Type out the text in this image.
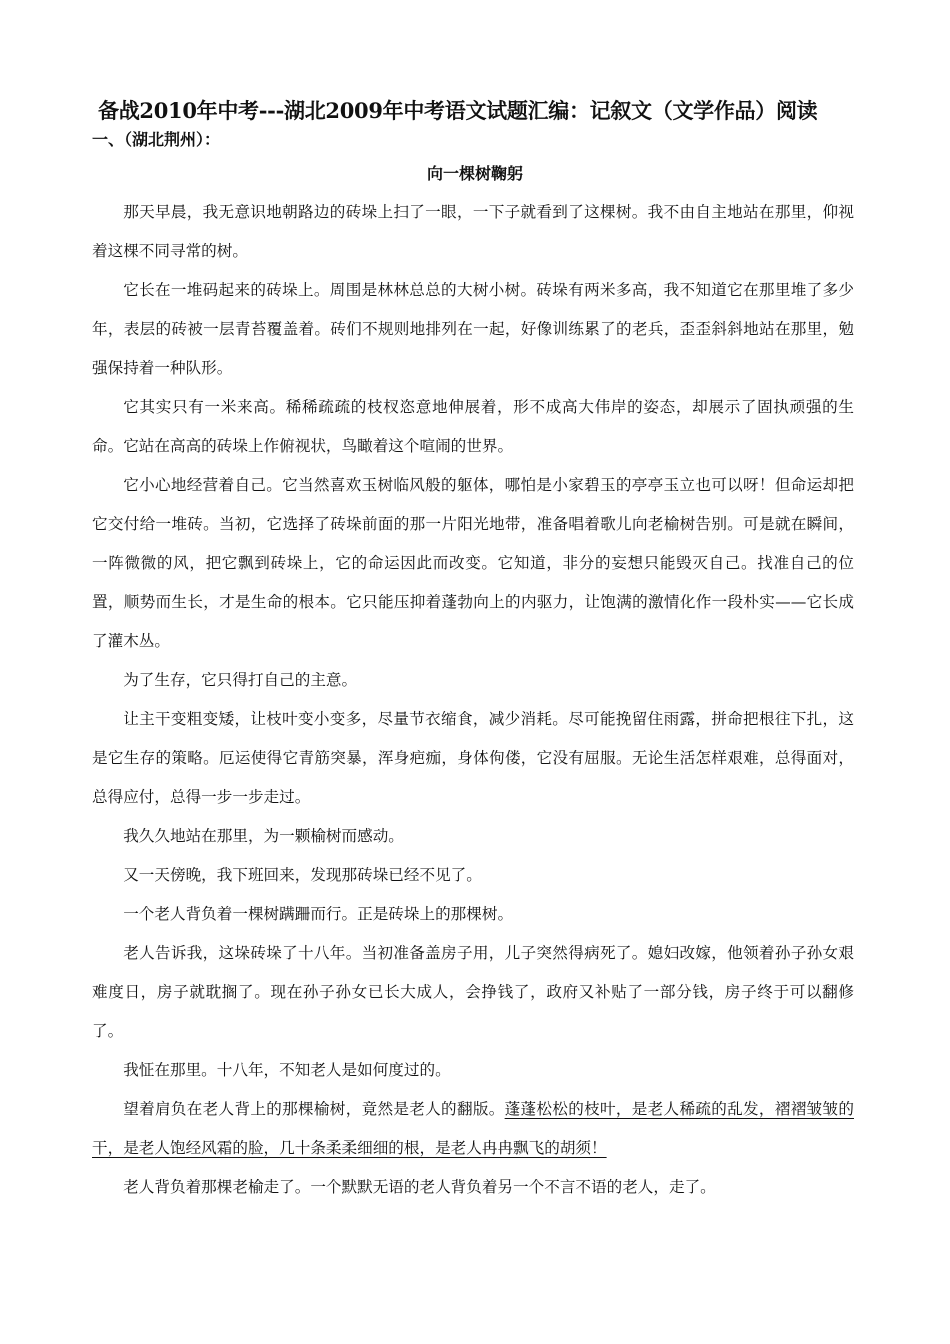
备战2010年中考---湖北2009年中考语文试题汇编：记叙文（文学作品）阅读
一、（湖北荆州）：
向一棵树鞠躬

那天早晨，我无意识地朝路边的砖垛上扫了一眼，一下子就看到了这棵树。我不由自主地站在那里，仰视着这棵不同寻常的树。

它长在一堆码起来的砖垛上。周围是林林总总的大树小树。砖垛有两米多高，我不知道它在那里堆了多少年，表层的砖被一层青苔覆盖着。砖们不规则地排列在一起，好像训练累了的老兵，歪歪斜斜地站在那里，勉强保持着一种队形。

它其实只有一米来高。稀稀疏疏的枝杈恣意地伸展着，形不成高大伟岸的姿态，却展示了固执顽强的生命。它站在高高的砖垛上作俯视状，鸟瞰着这个喧闹的世界。

它小心地经营着自己。它当然喜欢玉树临风般的躯体，哪怕是小家碧玉的亭亭玉立也可以呀！但命运却把它交付给一堆砖。当初，它选择了砖垛前面的那一片阳光地带，准备唱着歌儿向老榆树告别。可是就在瞬间，一阵微微的风，把它飘到砖垛上，它的命运因此而改变。它知道，非分的妄想只能毁灭自己。找准自己的位置，顺势而生长，才是生命的根本。它只能压抑着蓬勃向上的内驱力，让饱满的激情化作一段朴实——它长成了灌木丛。

为了生存，它只得打自己的主意。

让主干变粗变矮，让枝叶变小变多，尽量节衣缩食，减少消耗。尽可能挽留住雨露，拼命把根往下扎，这是它生存的策略。厄运使得它青筋突暴，浑身疤痂，身体佝偻，它没有屈服。无论生活怎样艰难，总得面对，总得应付，总得一步一步走过。

我久久地站在那里，为一颗榆树而感动。

又一天傍晚，我下班回来，发现那砖垛已经不见了。

一个老人背负着一棵树蹒跚而行。正是砖垛上的那棵树。

老人告诉我，这垛砖垛了十八年。当初准备盖房子用，儿子突然得病死了。媳妇改嫁，他领着孙子孙女艰难度日，房子就耽搁了。现在孙子孙女已长大成人，会挣钱了，政府又补贴了一部分钱，房子终于可以翻修了。

我怔在那里。十八年，不知老人是如何度过的。

望着肩负在老人背上的那棵榆树，竟然是老人的翻版。蓬蓬松松的枝叶，是老人稀疏的乱发，褶褶皱皱的干，是老人饱经风霜的脸，几十条柔柔细细的根，是老人冉冉飘飞的胡须！

老人背负着那棵老榆走了。一个默默无语的老人背负着另一个不言不语的老人，走了。
